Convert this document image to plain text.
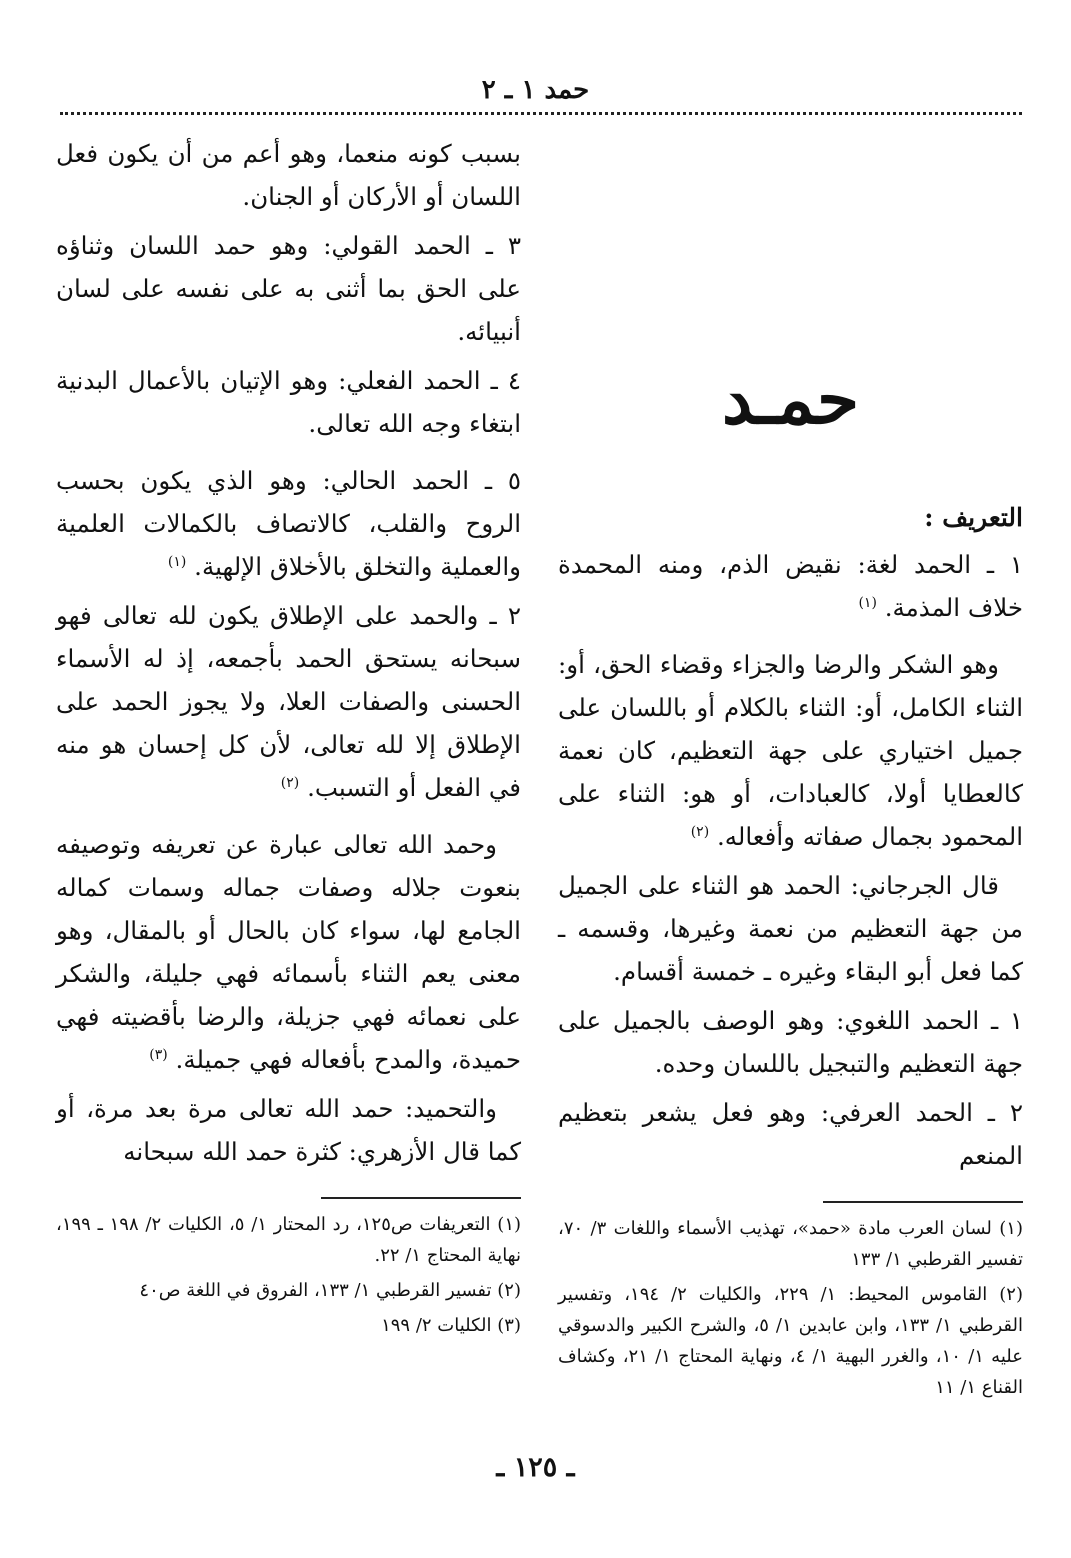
حمد ١ ـ ٢
حمـد
التعريف :

١ ـ الحمد لغة: نقيض الذم، ومنه المحمدة خلاف المذمة. $^{(١)}$

وهو الشكر والرضا والجزاء وقضاء الحق، أو: الثناء الكامل، أو: الثناء بالكلام أو باللسان على جميل اختياري على جهة التعظيم، كان نعمة كالعطايا أولا، كالعبادات، أو هو: الثناء على المحمود بجمال صفاته وأفعاله. $^{(٢)}$

قال الجرجاني: الحمد هو الثناء على الجميل من جهة التعظيم من نعمة وغيرها، وقسمه ـ كما فعل أبو البقاء وغيره ـ خمسة أقسام.

١ ـ الحمد اللغوي: وهو الوصف بالجميل على جهة التعظيم والتبجيل باللسان وحده.

٢ ـ الحمد العرفي: وهو فعل يشعر بتعظيم المنعم

(١) لسان العرب مادة «حمد»، تهذيب الأسماء واللغات ٣/ ٧٠، تفسير القرطبي ١/ ١٣٣

(٢) القاموس المحيط: ١/ ٢٢٩، والكليات ٢/ ١٩٤، وتفسير القرطبي ١/ ١٣٣، وابن عابدين ١/ ٥، والشرح الكبير والدسوقي عليه ١/ ١٠، والغرر البهية ١/ ٤، ونهاية المحتاج ١/ ٢١، وكشاف القناع ١/ ١١

بسبب كونه منعما، وهو أعم من أن يكون فعل اللسان أو الأركان أو الجنان.

٣ ـ الحمد القولي: وهو حمد اللسان وثناؤه على الحق بما أثنى به على نفسه على لسان أنبيائه.

٤ ـ الحمد الفعلي: وهو الإتيان بالأعمال البدنية ابتغاء وجه الله تعالى.

٥ ـ الحمد الحالي: وهو الذي يكون بحسب الروح والقلب، كالاتصاف بالكمالات العلمية والعملية والتخلق بالأخلاق الإلهية. $^{(١)}$

٢ ـ والحمد على الإطلاق يكون لله تعالى فهو سبحانه يستحق الحمد بأجمعه، إذ له الأسماء الحسنى والصفات العلا، ولا يجوز الحمد على الإطلاق إلا لله تعالى، لأن كل إحسان هو منه في الفعل أو التسبب. $^{(٢)}$

وحمد الله تعالى عبارة عن تعريفه وتوصيفه بنعوت جلاله وصفات جماله وسمات كماله الجامع لها، سواء كان بالحال أو بالمقال، وهو معنى يعم الثناء بأسمائه فهي جليلة، والشكر على نعمائه فهي جزيلة، والرضا بأقضيته فهي حميدة، والمدح بأفعاله فهي جميلة. $^{(٣)}$

والتحميد: حمد الله تعالى مرة بعد مرة، أو كما قال الأزهري: كثرة حمد الله سبحانه

(١) التعريفات ص١٢٥، رد المحتار ١/ ٥، الكليات ٢/ ١٩٨ ـ ١٩٩، نهاية المحتاج ١/ ٢٢.

(٢) تفسير القرطبي ١/ ١٣٣، الفروق في اللغة ص٤٠

(٣) الكليات ٢/ ١٩٩

ـ ١٢٥ ـ
